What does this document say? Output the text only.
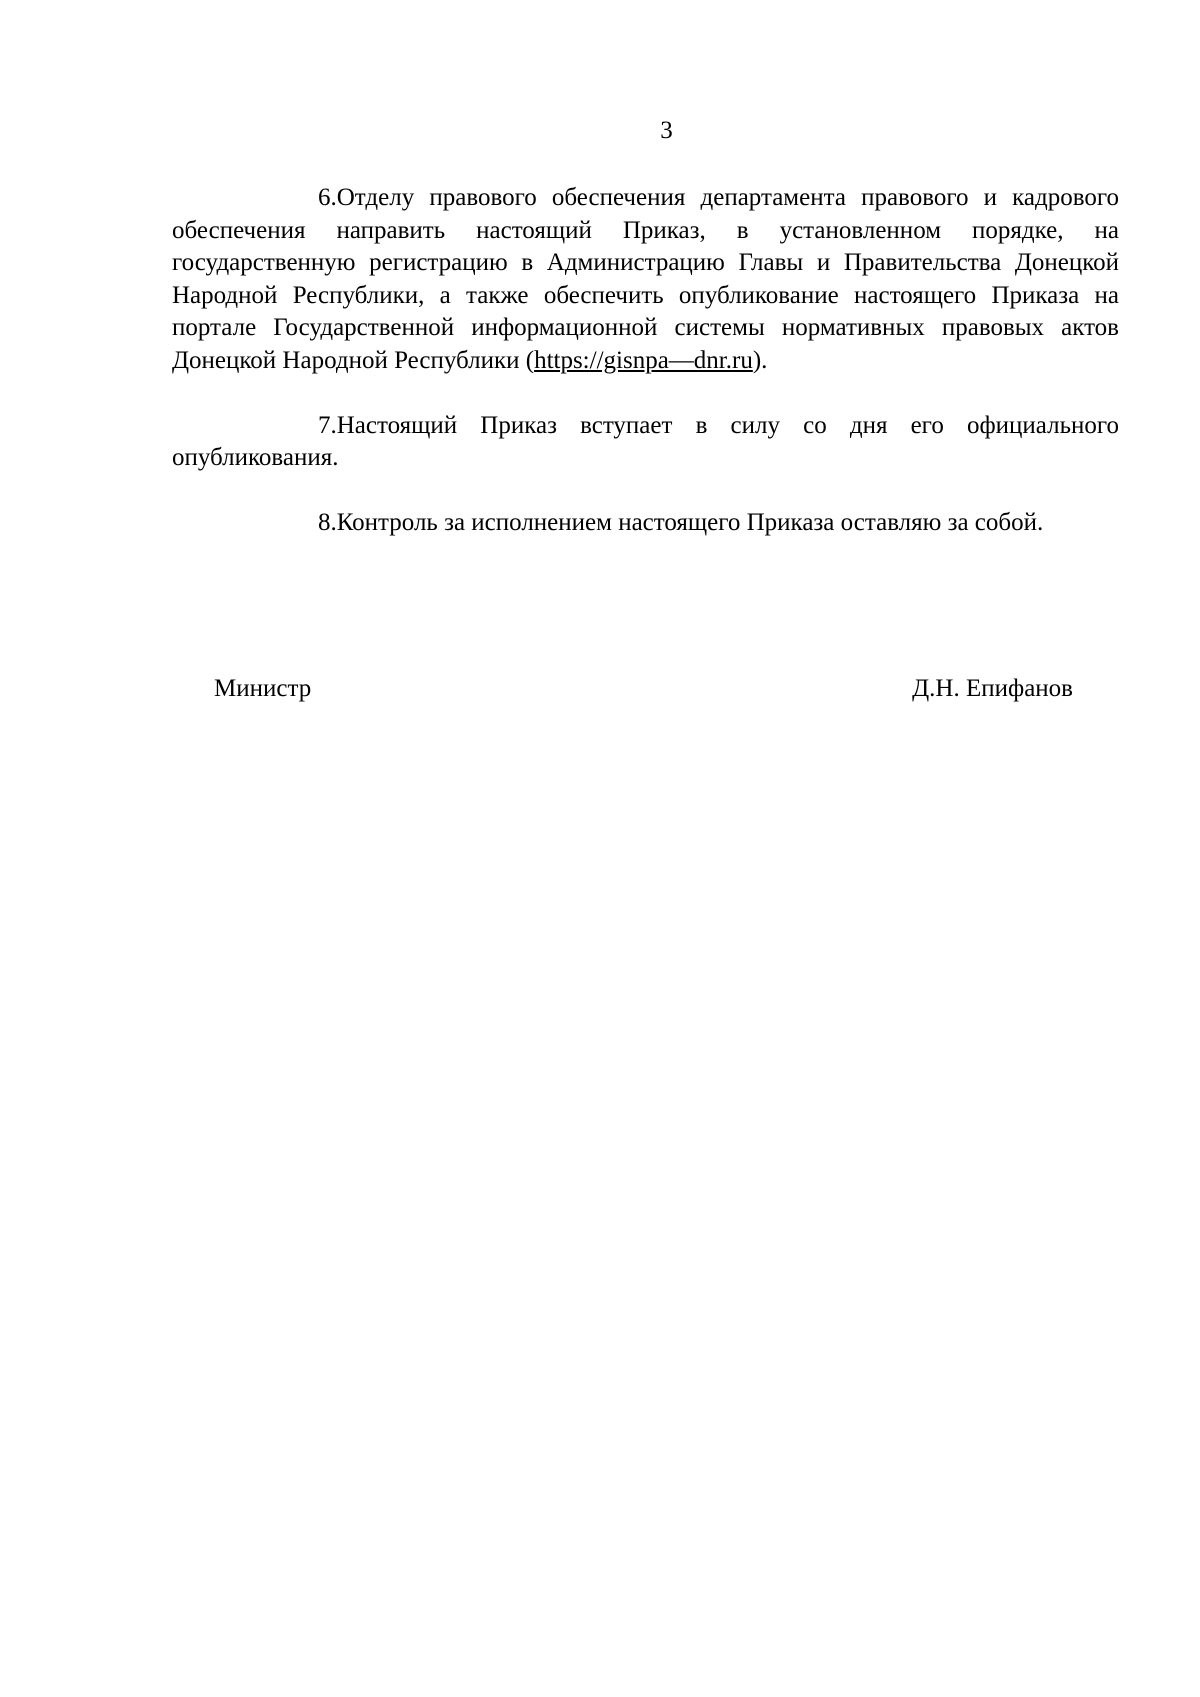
3

6.Отделу правового обеспечения департамента правового и кадрового обеспечения направить настоящий Приказ, в установленном порядке, на государственную регистрацию в Администрацию Главы и Правительства Донецкой Народной Республики, а также обеспечить опубликование настоящего Приказа на портале Государственной информационной системы нормативных правовых актов Донецкой Народной Республики (https://gisnpa—dnr.ru).

7.Настоящий Приказ вступает в силу со дня его официального опубликования.

8.Контроль за исполнением настоящего Приказа оставляю за собой.

Министр	Д.Н. Епифанов
